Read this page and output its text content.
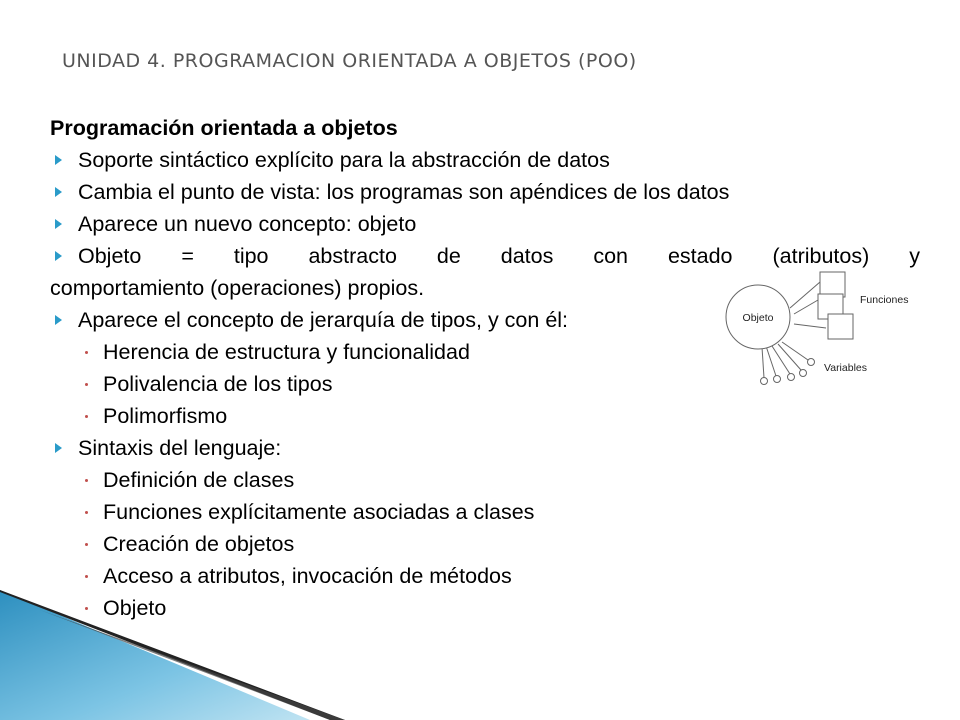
UNIDAD 4. PROGRAMACION ORIENTADA A OBJETOS (POO)
Programación orientada a objetos
Soporte sintáctico explícito para la abstracción de datos
Cambia el punto de vista: los programas son apéndices de los datos
Aparece un nuevo concepto: objeto
Objeto = tipo abstracto de datos con estado (atributos) y
comportamiento (operaciones) propios.
Aparece el concepto de jerarquía de tipos, y con él:
Herencia de estructura y funcionalidad
Polivalencia de los tipos
Polimorfismo
Sintaxis del lenguaje:
Definición de clases
Funciones explícitamente asociadas a clases
Creación de objetos
Acceso a atributos, invocación de métodos
Objeto
Objeto
Funciones
Variables
